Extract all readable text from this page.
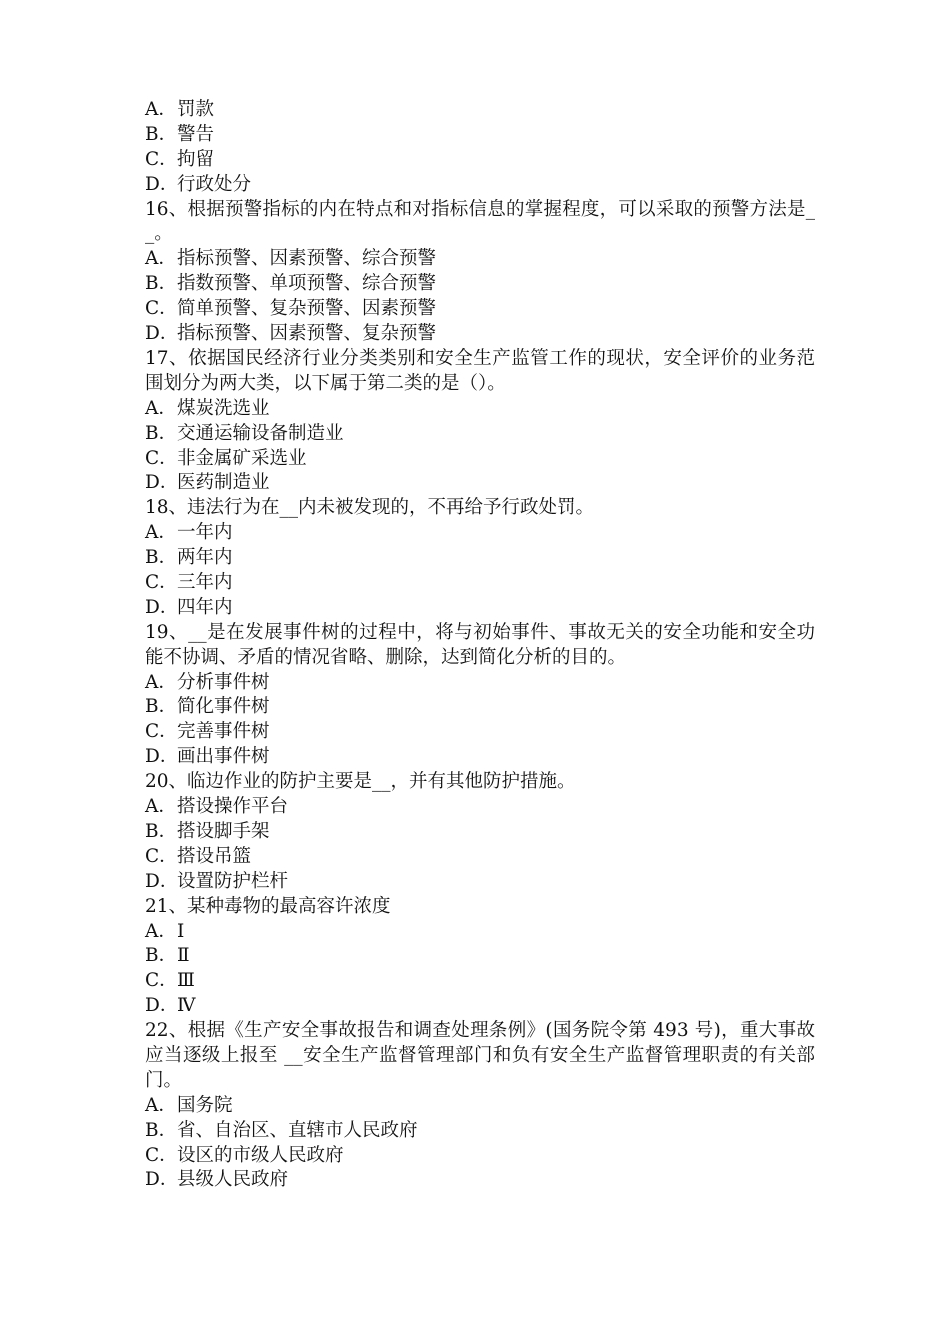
A．罚款
B．警告
C．拘留
D．行政处分
16、根据预警指标的内在特点和对指标信息的掌握程度，可以采取的预警方法是__。
A．指标预警、因素预警、综合预警
B．指数预警、单项预警、综合预警
C．简单预警、复杂预警、因素预警
D．指标预警、因素预警、复杂预警
17、依据国民经济行业分类类别和安全生产监管工作的现状，安全评价的业务范围划分为两大类，以下属于第二类的是（）。
A．煤炭洗选业
B．交通运输设备制造业
C．非金属矿采选业
D．医药制造业
18、违法行为在__内未被发现的，不再给予行政处罚。
A．一年内
B．两年内
C．三年内
D．四年内
19、__是在发展事件树的过程中，将与初始事件、事故无关的安全功能和安全功能不协调、矛盾的情况省略、删除，达到简化分析的目的。
A．分析事件树
B．简化事件树
C．完善事件树
D．画出事件树
20、临边作业的防护主要是__，并有其他防护措施。
A．搭设操作平台
B．搭设脚手架
C．搭设吊篮
D．设置防护栏杆
21、某种毒物的最高容许浓度
A．Ⅰ
B．Ⅱ
C．Ⅲ
D．Ⅳ
22、根据《生产安全事故报告和调查处理条例》(国务院令第 493 号)，重大事故应当逐级上报至 __安全生产监督管理部门和负有安全生产监督管理职责的有关部门。
A．国务院
B．省、自治区、直辖市人民政府
C．设区的市级人民政府
D．县级人民政府
